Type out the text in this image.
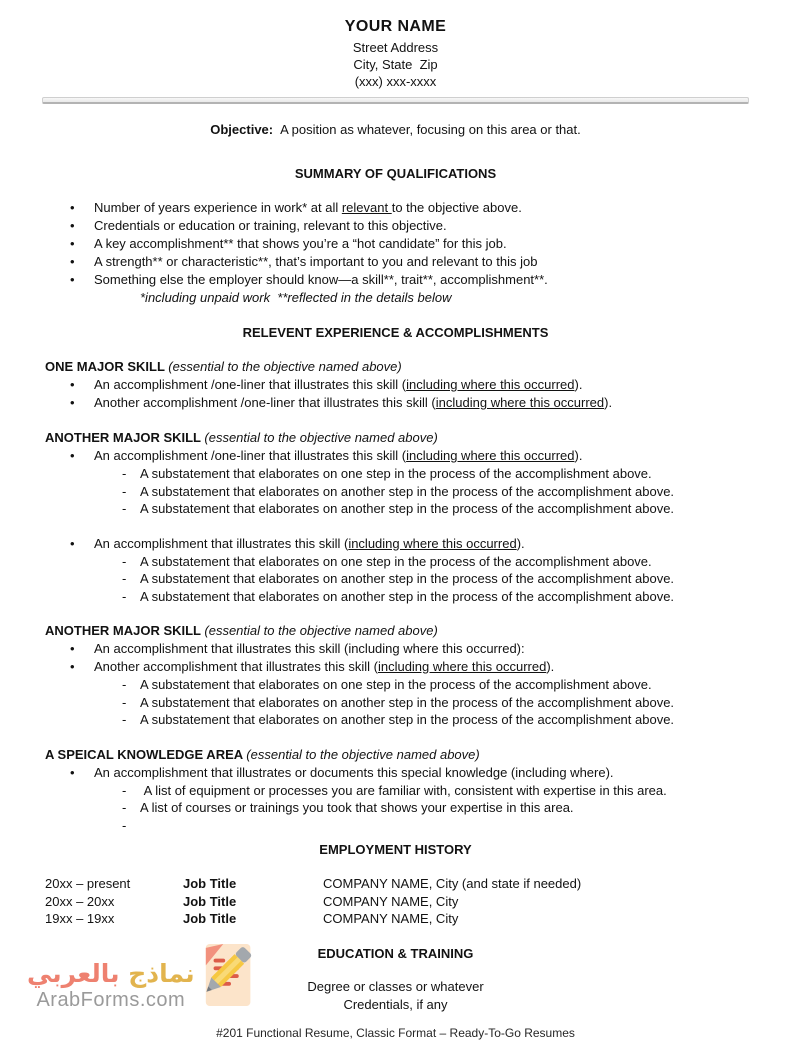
YOUR NAME
Street Address
City, State  Zip
(xxx) xxx-xxxx

Objective: A position as whatever, focusing on this area or that.

SUMMARY OF QUALIFICATIONS
•
Number of years experience in work* at all relevant to the objective above.
•
Credentials or education or training, relevant to this objective.
•
A key accomplishment** that shows you’re a “hot candidate” for this job.
•
A strength** or characteristic**, that’s important to you and relevant to this job
•
Something else the employer should know—a skill**, trait**, accomplishment**.

*including unpaid work  **reflected in the details below

RELEVENT EXPERIENCE & ACCOMPLISHMENTS
ONE MAJOR SKILL (essential to the objective named above)
•
An accomplishment /one-liner that illustrates this skill (including where this occurred).
•
Another accomplishment /one-liner that illustrates this skill (including where this occurred).
ANOTHER MAJOR SKILL (essential to the objective named above)
•
An accomplishment /one-liner that illustrates this skill (including where this occurred).
-
A substatement that elaborates on one step in the process of the accomplishment above.
-
A substatement that elaborates on another step in the process of the accomplishment above.
-
A substatement that elaborates on another step in the process of the accomplishment above.
•
An accomplishment that illustrates this skill (including where this occurred).
-
A substatement that elaborates on one step in the process of the accomplishment above.
-
A substatement that elaborates on another step in the process of the accomplishment above.
-
A substatement that elaborates on another step in the process of the accomplishment above.
ANOTHER MAJOR SKILL (essential to the objective named above)
•
An accomplishment that illustrates this skill (including where this occurred):
•
Another accomplishment that illustrates this skill (including where this occurred).
-
A substatement that elaborates on one step in the process of the accomplishment above.
-
A substatement that elaborates on another step in the process of the accomplishment above.
-
A substatement that elaborates on another step in the process of the accomplishment above.
A SPEICAL KNOWLEDGE AREA (essential to the objective named above)
•
An accomplishment that illustrates or documents this special knowledge (including where).
-
A list of equipment or processes you are familiar with, consistent with expertise in this area.
-
A list of courses or trainings you took that shows your expertise in this area.
-
EMPLOYMENT HISTORY
20xx – present	Job Title	COMPANY NAME, City (and state if needed)
20xx – 20xx	Job Title	COMPANY NAME, City
19xx – 19xx	Job Title	COMPANY NAME, City
EDUCATION & TRAINING
Degree or classes or whatever
Credentials, if any
#201 Functional Resume, Classic Format – Ready-To-Go Resumes
نماذج بالعربي
ArabForms.com
